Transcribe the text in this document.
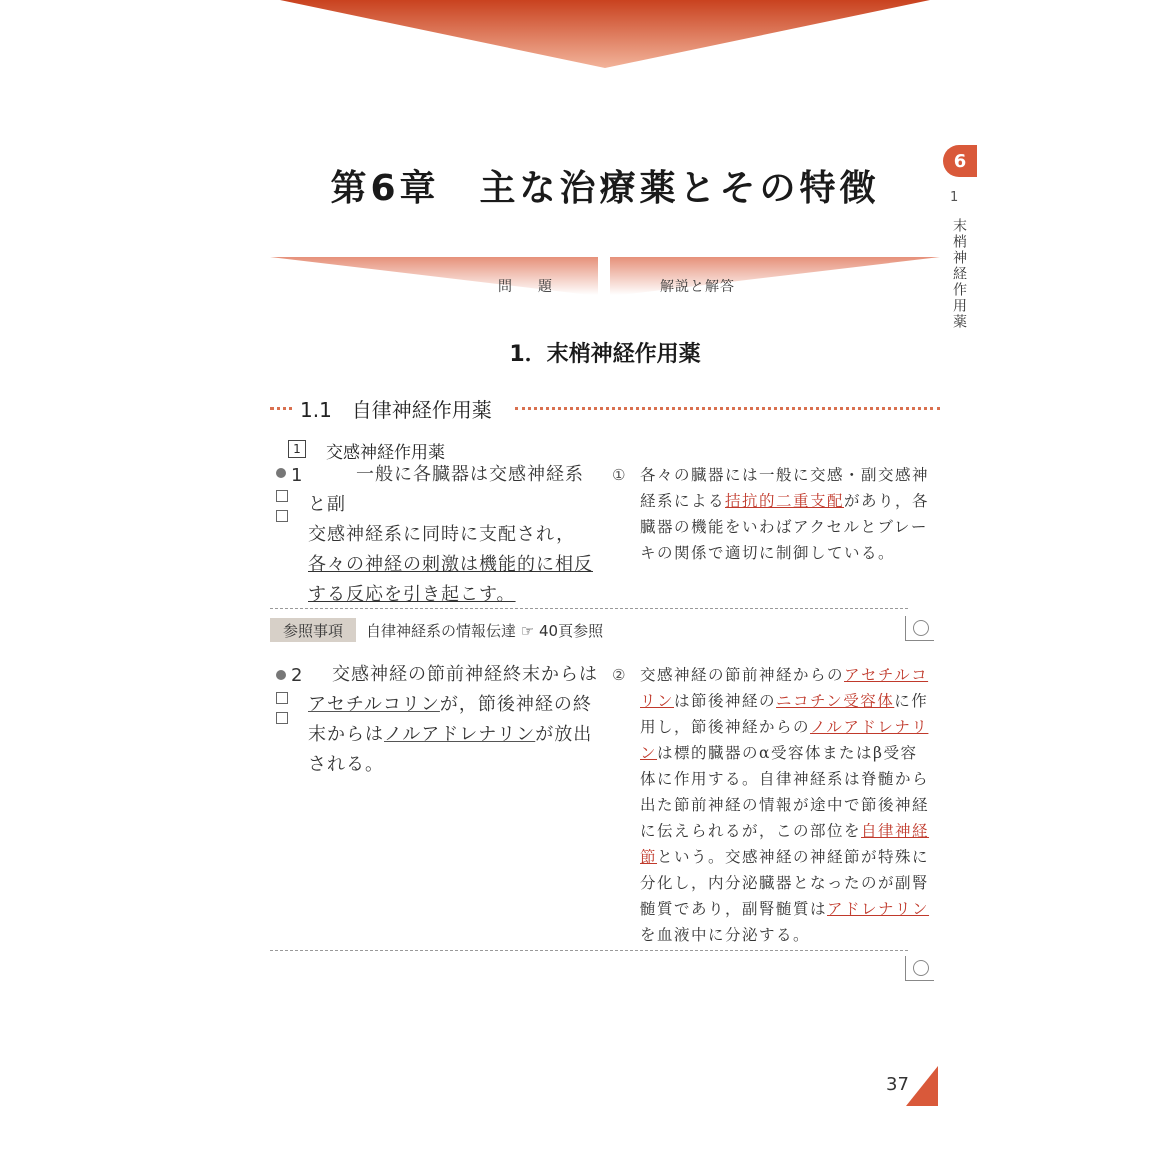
第6章　主な治療薬とその特徴
6
1
末梢神経作用薬
問　題	解説と解答
1．末梢神経作用薬
1.1　自律神経作用薬
1	交感神経作用薬
1	一般に各臓器は交感神経系と副
交感神経系に同時に支配され，
各々の神経の刺激は機能的に相反
する反応を引き起こす。
① 各々の臓器には一般に交感・副交感神
経系による拮抗的二重支配があり，各
臓器の機能をいわばアクセルとブレー
キの関係で適切に制御している。
参照事項	自律神経系の情報伝達 ☞ 40頁参照
2	交感神経の節前神経終末からは
アセチルコリンが，節後神経の終
末からはノルアドレナリンが放出
される。
② 交感神経の節前神経からのアセチルコ
リンは節後神経のニコチン受容体に作
用し，節後神経からのノルアドレナリ
ンは標的臓器のα受容体またはβ受容
体に作用する。自律神経系は脊髄から
出た節前神経の情報が途中で節後神経
に伝えられるが，この部位を自律神経
節という。交感神経の神経節が特殊に
分化し，内分泌臓器となったのが副腎
髄質であり，副腎髄質はアドレナリン
を血液中に分泌する。
37
